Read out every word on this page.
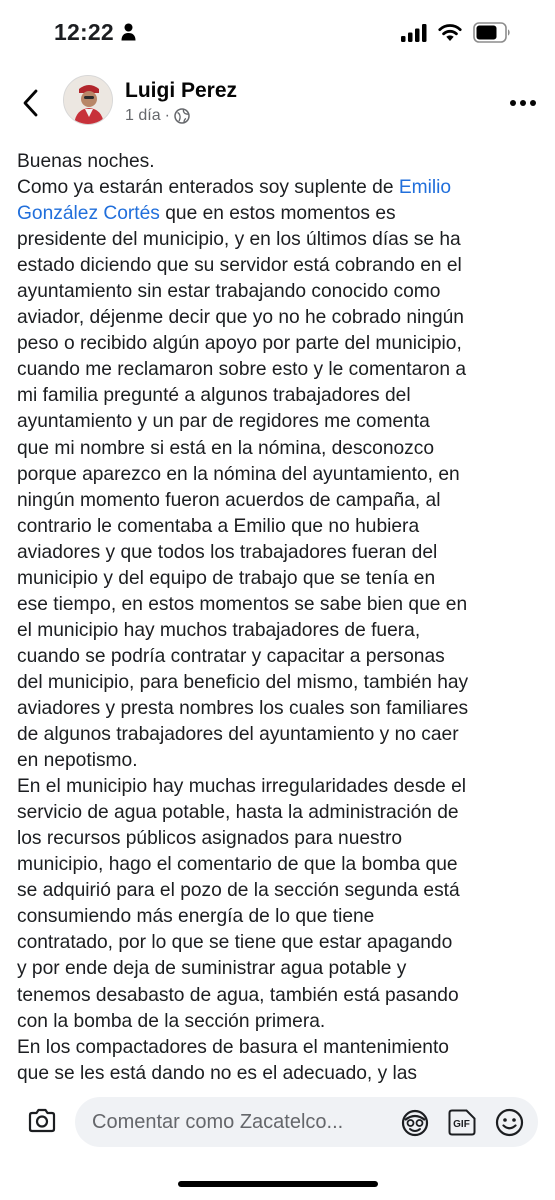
12:22
Luigi Perez
1 día ·
Buenas noches.
Como ya estarán enterados soy suplente de Emilio
González Cortés que en estos momentos es
presidente del municipio, y en los últimos días se ha
estado diciendo que su servidor está cobrando en el
ayuntamiento sin estar trabajando conocido como
aviador, déjenme decir que yo no he cobrado ningún
peso o recibido algún apoyo por parte del municipio,
cuando me reclamaron sobre esto y le comentaron a
mi familia pregunté a algunos trabajadores del
ayuntamiento y un par de regidores me comenta
que mi nombre si está en la nómina, desconozco
porque aparezco en la nómina del ayuntamiento, en
ningún momento fueron acuerdos de campaña, al
contrario le comentaba a Emilio que no hubiera
aviadores y que todos los trabajadores fueran del
municipio y del equipo de trabajo que se tenía en
ese tiempo, en estos momentos se sabe bien que en
el municipio hay muchos trabajadores de fuera,
cuando se podría contratar y capacitar a personas
del municipio, para beneficio del mismo, también hay
aviadores y presta nombres los cuales son familiares
de algunos trabajadores del ayuntamiento y no caer
en nepotismo.
En el municipio hay muchas irregularidades desde el
servicio de agua potable, hasta la administración de
los recursos públicos asignados para nuestro
municipio, hago el comentario de que la bomba que
se adquirió para el pozo de la sección segunda está
consumiendo más energía de lo que tiene
contratado, por lo que se tiene que estar apagando
y por ende deja de suministrar agua potable y
tenemos desabasto de agua, también está pasando
con la bomba de la sección primera.
En los compactadores de basura el mantenimiento
que se les está dando no es el adecuado, y las
Comentar como Zacatelco...	GIF
